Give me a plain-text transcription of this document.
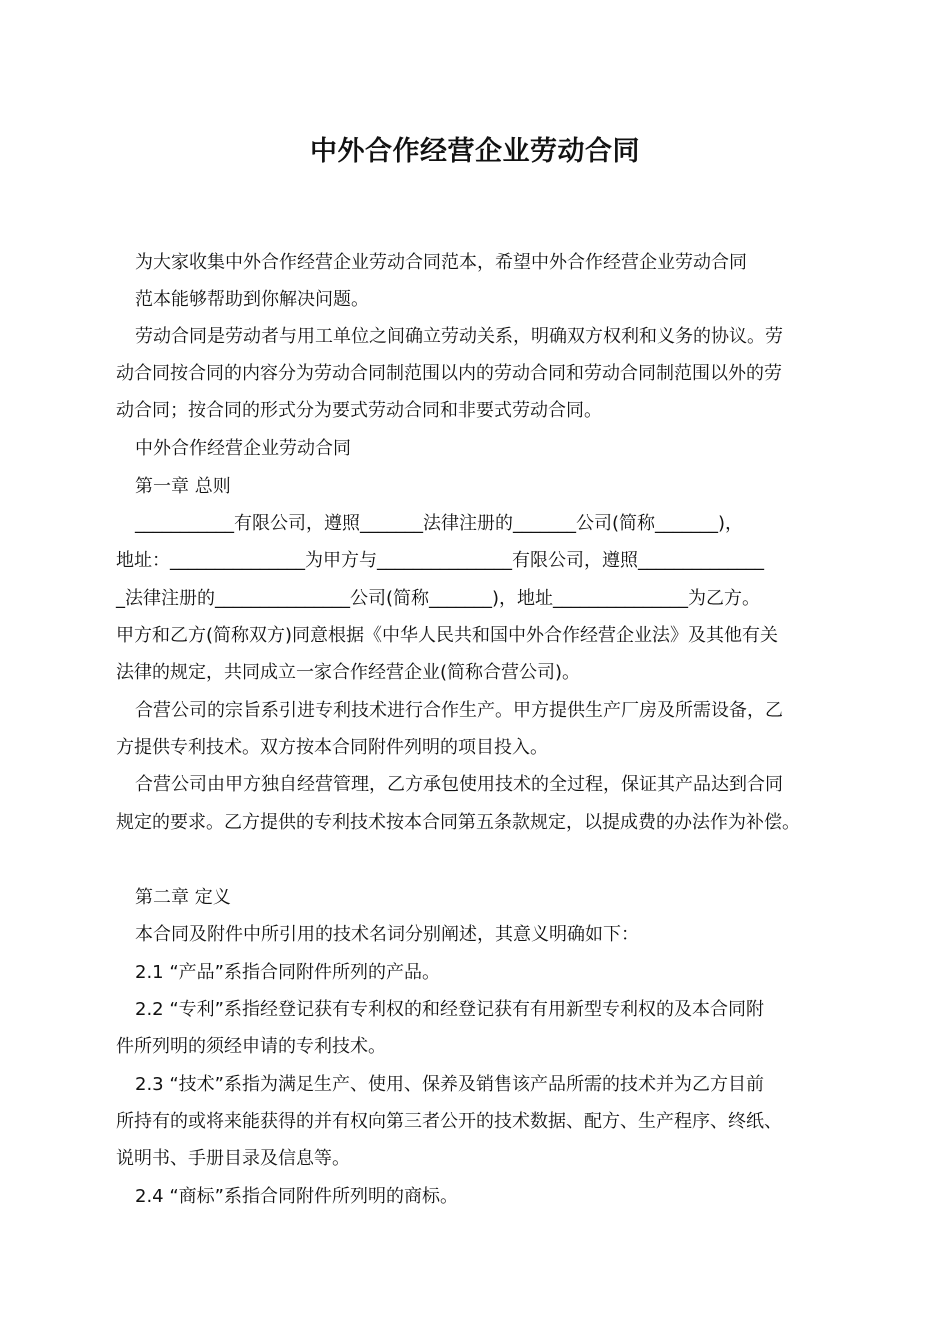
中外合作经营企业劳动合同
为大家收集中外合作经营企业劳动合同范本，希望中外合作经营企业劳动合同
范本能够帮助到你解决问题。
劳动合同是劳动者与用工单位之间确立劳动关系，明确双方权利和义务的协议。劳
动合同按合同的内容分为劳动合同制范围以内的劳动合同和劳动合同制范围以外的劳
动合同；按合同的形式分为要式劳动合同和非要式劳动合同。
中外合作经营企业劳动合同
第一章 总则
___________有限公司，遵照_______法律注册的_______公司(简称_______)，
地址：_______________为甲方与_______________有限公司，遵照______________
_法律注册的_______________公司(简称_______)，地址_______________为乙方。
甲方和乙方(简称双方)同意根据《中华人民共和国中外合作经营企业法》及其他有关
法律的规定，共同成立一家合作经营企业(简称合营公司)。
合营公司的宗旨系引进专利技术进行合作生产。甲方提供生产厂房及所需设备，乙
方提供专利技术。双方按本合同附件列明的项目投入。
合营公司由甲方独自经营管理，乙方承包使用技术的全过程，保证其产品达到合同
规定的要求。乙方提供的专利技术按本合同第五条款规定，以提成费的办法作为补偿。
第二章 定义
本合同及附件中所引用的技术名词分别阐述，其意义明确如下：
2.1 “产品”系指合同附件所列的产品。
2.2 “专利”系指经登记获有专利权的和经登记获有有用新型专利权的及本合同附
件所列明的须经申请的专利技术。
2.3 “技术”系指为满足生产、使用、保养及销售该产品所需的技术并为乙方目前
所持有的或将来能获得的并有权向第三者公开的技术数据、配方、生产程序、终纸、
说明书、手册目录及信息等。
2.4 “商标”系指合同附件所列明的商标。
